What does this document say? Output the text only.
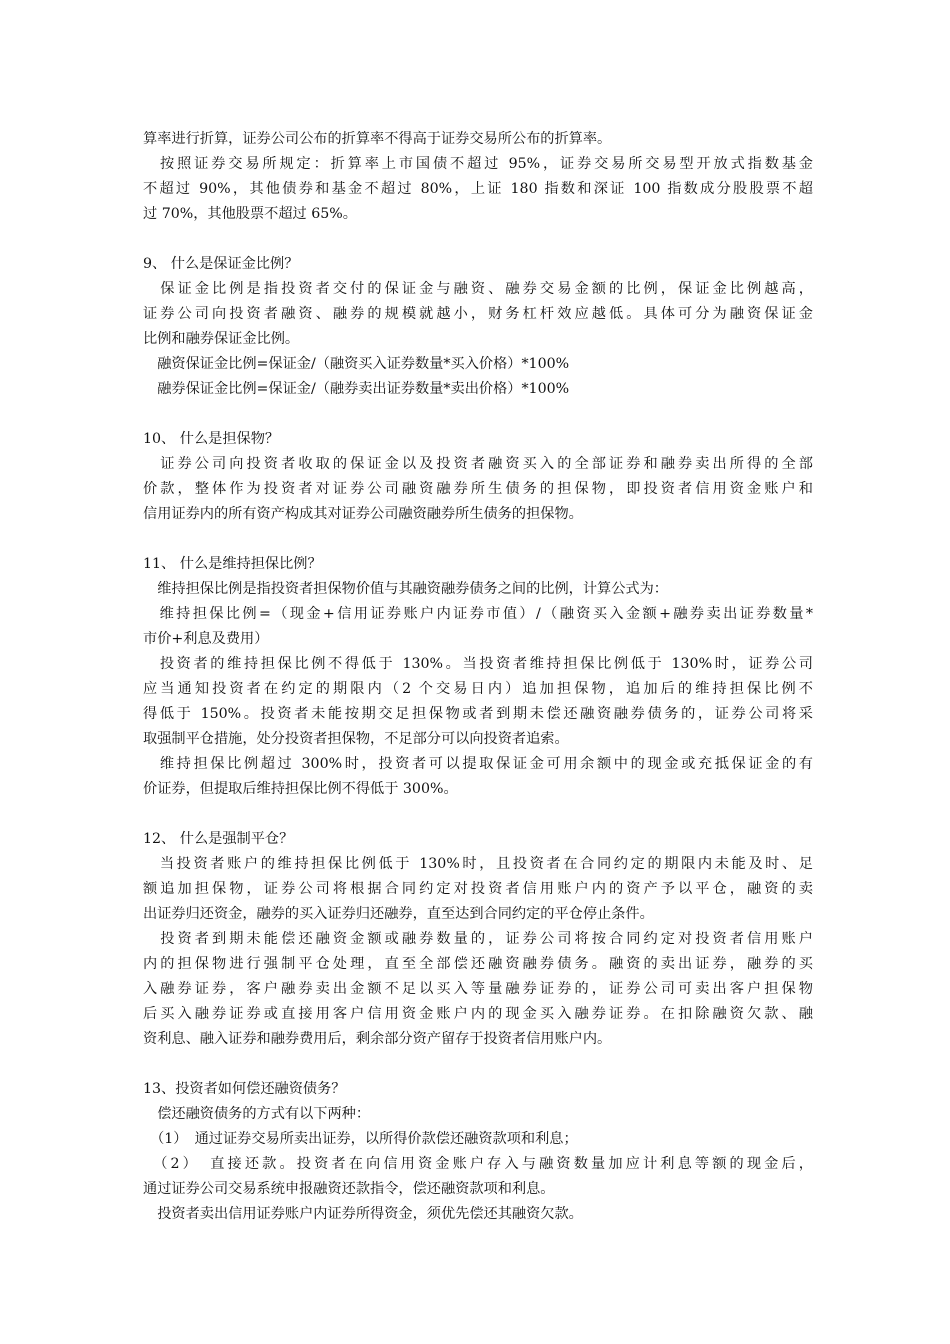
算率进行折算，证券公司公布的折算率不得高于证券交易所公布的折算率。
　按照证券交易所规定：折算率上市国债不超过 95%，证券交易所交易型开放式指数基金
不超过 90%，其他债券和基金不超过 80%，上证 180 指数和深证 100 指数成分股股票不超
过 70%，其他股票不超过 65%。
9、 什么是保证金比例？
　保证金比例是指投资者交付的保证金与融资、融券交易金额的比例，保证金比例越高，
证券公司向投资者融资、融券的规模就越小，财务杠杆效应越低。具体可分为融资保证金
比例和融券保证金比例。
　融资保证金比例=保证金/（融资买入证券数量*买入价格）*100%
　融券保证金比例=保证金/（融券卖出证券数量*卖出价格）*100%
10、 什么是担保物？
　证券公司向投资者收取的保证金以及投资者融资买入的全部证券和融券卖出所得的全部
价款，整体作为投资者对证券公司融资融券所生债务的担保物，即投资者信用资金账户和
信用证券内的所有资产构成其对证券公司融资融券所生债务的担保物。
11、 什么是维持担保比例？
　维持担保比例是指投资者担保物价值与其融资融券债务之间的比例，计算公式为：
　维持担保比例=（现金+信用证券账户内证券市值）/（融资买入金额+融券卖出证券数量*
市价+利息及费用）
　投资者的维持担保比例不得低于 130%。当投资者维持担保比例低于 130%时，证券公司
应当通知投资者在约定的期限内（2 个交易日内）追加担保物，追加后的维持担保比例不
得低于 150%。投资者未能按期交足担保物或者到期未偿还融资融券债务的，证券公司将采
取强制平仓措施，处分投资者担保物，不足部分可以向投资者追索。
　维持担保比例超过 300%时，投资者可以提取保证金可用余额中的现金或充抵保证金的有
价证券，但提取后维持担保比例不得低于 300%。
12、 什么是强制平仓？
　当投资者账户的维持担保比例低于 130%时，且投资者在合同约定的期限内未能及时、足
额追加担保物，证券公司将根据合同约定对投资者信用账户内的资产予以平仓，融资的卖
出证券归还资金，融券的买入证券归还融券，直至达到合同约定的平仓停止条件。
　投资者到期未能偿还融资金额或融券数量的，证券公司将按合同约定对投资者信用账户
内的担保物进行强制平仓处理，直至全部偿还融资融券债务。融资的卖出证券，融券的买
入融券证券，客户融券卖出金额不足以买入等量融券证券的，证券公司可卖出客户担保物
后买入融券证券或直接用客户信用资金账户内的现金买入融券证券。在扣除融资欠款、融
资利息、融入证券和融券费用后，剩余部分资产留存于投资者信用账户内。
13、投资者如何偿还融资债务？
　偿还融资债务的方式有以下两种：
　（1）　通过证券交易所卖出证券，以所得价款偿还融资款项和利息；
　（2）　直接还款。投资者在向信用资金账户存入与融资数量加应计利息等额的现金后，
通过证券公司交易系统申报融资还款指令，偿还融资款项和利息。
　投资者卖出信用证券账户内证券所得资金，须优先偿还其融资欠款。
